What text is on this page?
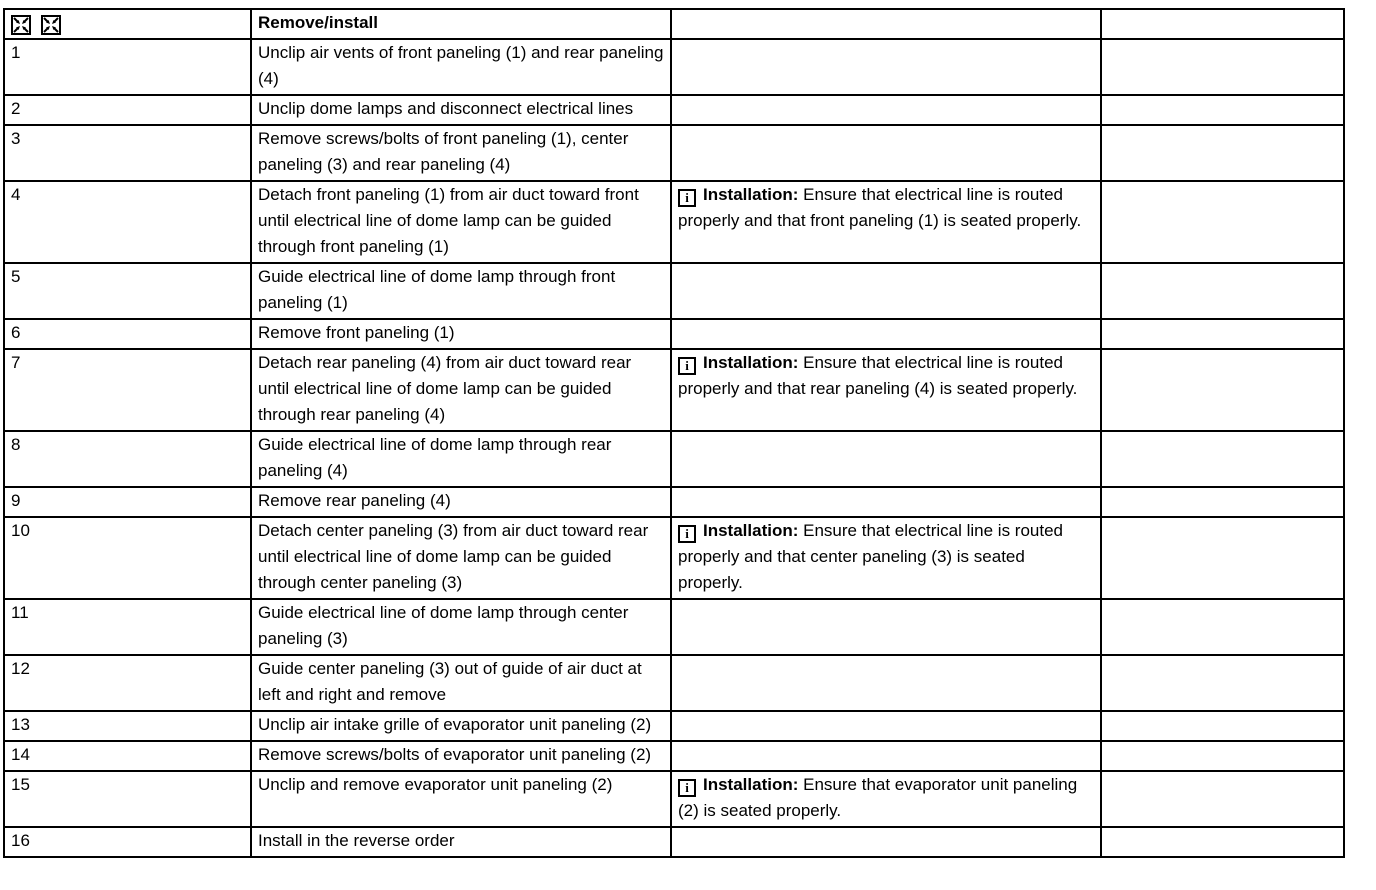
	Remove/install		
1	Unclip air vents of front paneling (1) and rear paneling (4)		
2	Unclip dome lamps and disconnect electrical lines		
3	Remove screws/bolts of front paneling (1), center paneling (3) and rear paneling (4)		
4	Detach front paneling (1) from air duct toward front until electrical line of dome lamp can be guided through front paneling (1)	i Installation: Ensure that electrical line is routed properly and that front paneling (1) is seated properly.	
5	Guide electrical line of dome lamp through front paneling (1)		
6	Remove front paneling (1)		
7	Detach rear paneling (4) from air duct toward rear until electrical line of dome lamp can be guided through rear paneling (4)	i Installation: Ensure that electrical line is routed properly and that rear paneling (4) is seated properly.	
8	Guide electrical line of dome lamp through rear paneling (4)		
9	Remove rear paneling (4)		
10	Detach center paneling (3) from air duct toward rear until electrical line of dome lamp can be guided through center paneling (3)	i Installation: Ensure that electrical line is routed properly and that center paneling (3) is seated properly.	
11	Guide electrical line of dome lamp through center paneling (3)		
12	Guide center paneling (3) out of guide of air duct at left and right and remove		
13	Unclip air intake grille of evaporator unit paneling (2)		
14	Remove screws/bolts of evaporator unit paneling (2)		
15	Unclip and remove evaporator unit paneling (2)	i Installation: Ensure that evaporator unit paneling (2) is seated properly.	
16	Install in the reverse order		
